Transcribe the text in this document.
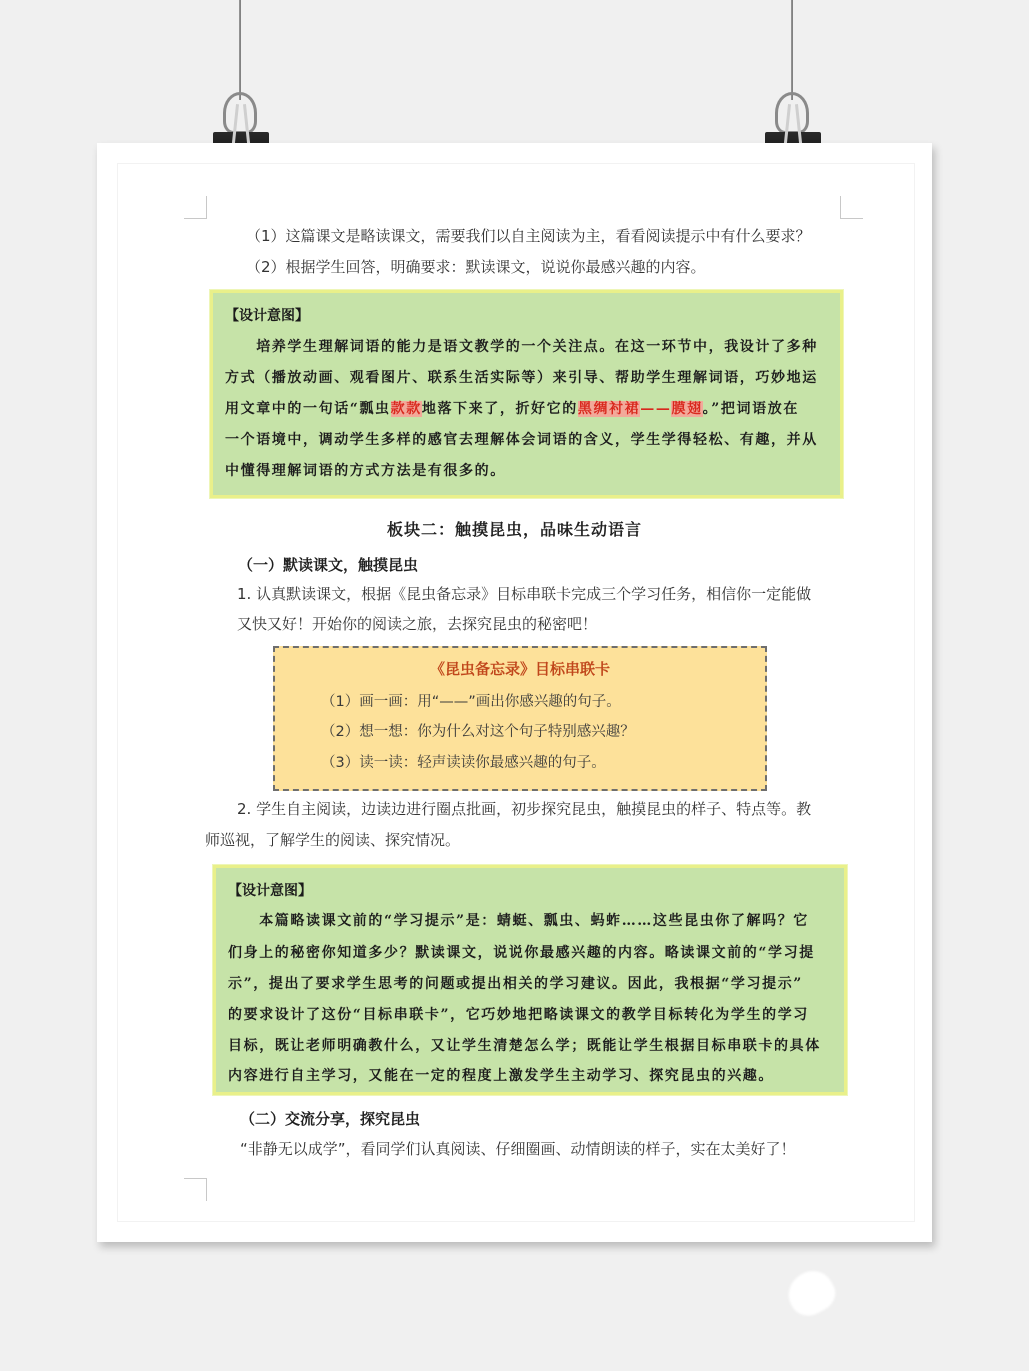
（1）这篇课文是略读课文，需要我们以自主阅读为主，看看阅读提示中有什么要求？
（2）根据学生回答，明确要求：默读课文，说说你最感兴趣的内容。
【设计意图】
　　培养学生理解词语的能力是语文教学的一个关注点。在这一环节中，我设计了多种
方式（播放动画、观看图片、联系生活实际等）来引导、帮助学生理解词语，巧妙地运
用文章中的一句话“瓢虫款款地落下来了，折好它的黑绸衬裙——膜翅。”把词语放在
一个语境中，调动学生多样的感官去理解体会词语的含义，学生学得轻松、有趣，并从
中懂得理解词语的方式方法是有很多的。
板块二：触摸昆虫，品味生动语言
（一）默读课文，触摸昆虫
1. 认真默读课文，根据《昆虫备忘录》目标串联卡完成三个学习任务，相信你一定能做
又快又好！开始你的阅读之旅，去探究昆虫的秘密吧！
《昆虫备忘录》目标串联卡
（1）画一画：用“——”画出你感兴趣的句子。
（2）想一想：你为什么对这个句子特别感兴趣？
（3）读一读：轻声读读你最感兴趣的句子。
2. 学生自主阅读，边读边进行圈点批画，初步探究昆虫，触摸昆虫的样子、特点等。教
师巡视，了解学生的阅读、探究情况。
【设计意图】
　　本篇略读课文前的“学习提示”是：蜻蜓、瓢虫、蚂蚱……这些昆虫你了解吗？它
们身上的秘密你知道多少？默读课文，说说你最感兴趣的内容。略读课文前的“学习提
示”，提出了要求学生思考的问题或提出相关的学习建议。因此，我根据“学习提示”
的要求设计了这份“目标串联卡”，它巧妙地把略读课文的教学目标转化为学生的学习
目标，既让老师明确教什么，又让学生清楚怎么学；既能让学生根据目标串联卡的具体
内容进行自主学习，又能在一定的程度上激发学生主动学习、探究昆虫的兴趣。
（二）交流分享，探究昆虫
“非静无以成学”，看同学们认真阅读、仔细圈画、动情朗读的样子，实在太美好了！
